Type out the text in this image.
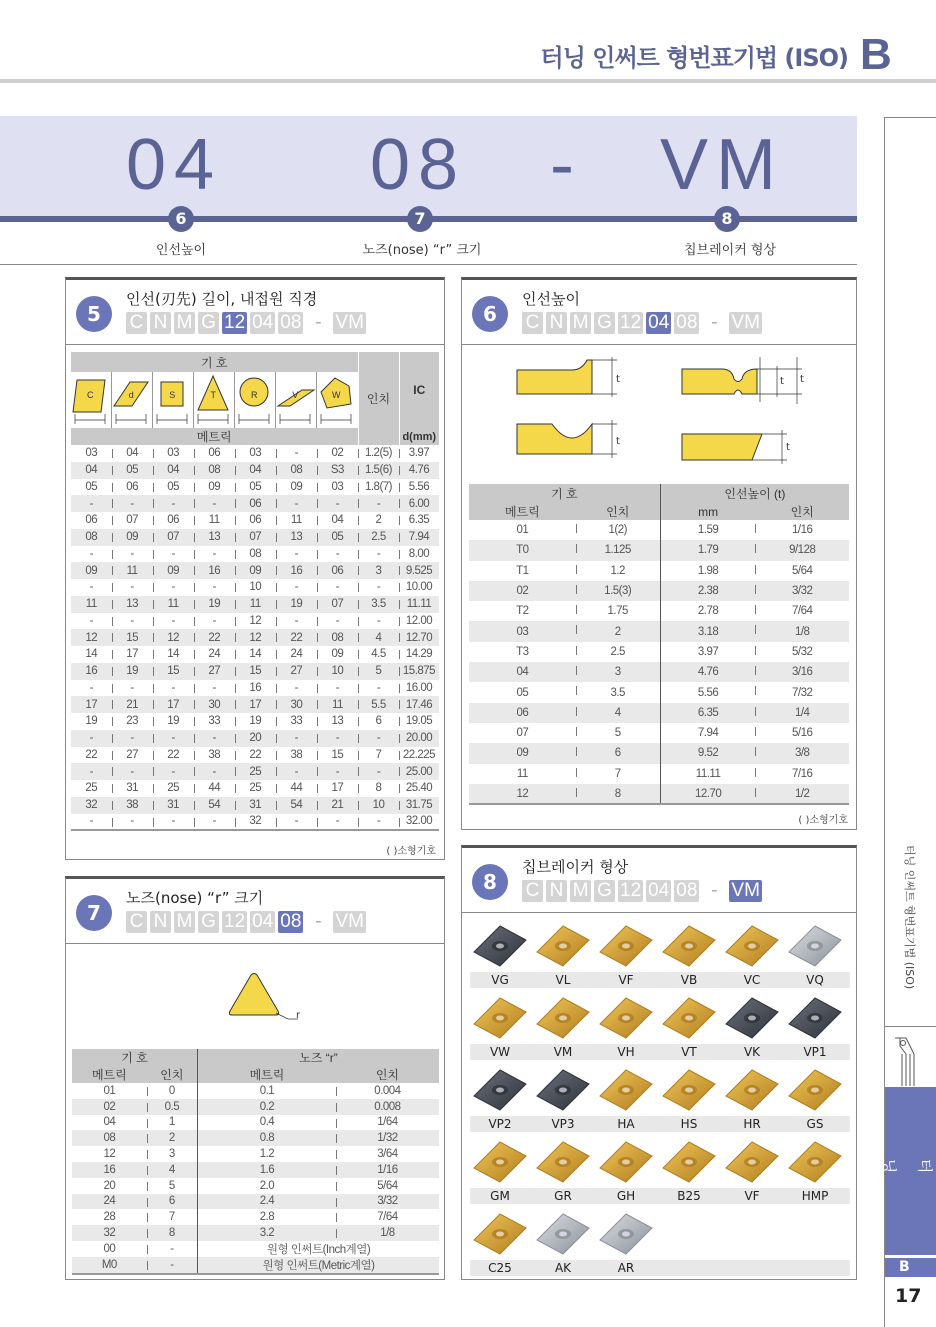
터닝 인써트 형번표기법 (ISO) B
04 08 - VM
6	7	8
인선높이	노즈(nose) “r” 크기	칩브레이커 형상
5
인선(刃先) 길이, 내접원 직경
C N M G 12 04 08 - VM
기 호							인치	IC

C	d	S	T	R	V	W		

메트릭								d(mm)
03	04	03	06	03	-	02	1.2(5)	3.97
04	05	04	08	04	08	S3	1.5(6)	4.76
05	06	05	09	05	09	03	1.8(7)	5.56
-	-	-	-	06	-	-	-	6.00
06	07	06	11	06	11	04	2	6.35
08	09	07	13	07	13	05	2.5	7.94
-	-	-	-	08	-	-	-	8.00
09	11	09	16	09	16	06	3	9.525
-	-	-	-	10	-	-	-	10.00
11	13	11	19	11	19	07	3.5	11.11
-	-	-	-	12	-	-	-	12.00
12	15	12	22	12	22	08	4	12.70
14	17	14	24	14	24	09	4.5	14.29
16	19	15	27	15	27	10	5	15.875
-	-	-	-	16	-	-	-	16.00
17	21	17	30	17	30	11	5.5	17.46
19	23	19	33	19	33	13	6	19.05
-	-	-	-	20	-	-	-	20.00
22	27	22	38	22	38	15	7	22.225
-	-	-	-	25	-	-	-	25.00
25	31	25	44	25	44	17	8	25.40
32	38	31	54	31	54	21	10	31.75
-	-	-	-	32	-	-	-	32.00
( )소형기호
7
노즈(nose) “r” 크기
C N M G 12 04 08 - VM
r
기 호		노즈 “r”	
메트릭	인치	메트릭	인치
01	0	0.1	0.004
02	0.5	0.2	0.008
04	1	0.4	1/64
08	2	0.8	1/32
12	3	1.2	3/64
16	4	1.6	1/16
20	5	2.0	5/64
24	6	2.4	3/32
28	7	2.8	7/64
32	8	3.2	1/8
00	-	원형 인써트(Inch계열)	
M0	-	원형 인써트(Metric계열)	
6
인선높이
C N M G 12 04 08 - VM
t
t
t t
t
기 호		인선높이 (t)	
메트릭	인치	mm	인치
01	1(2)	1.59	1/16
T0	1.125	1.79	9/128
T1	1.2	1.98	5/64
02	1.5(3)	2.38	3/32
T2	1.75	2.78	7/64
03	2	3.18	1/8
T3	2.5	3.97	5/32
04	3	4.76	3/16
05	3.5	5.56	7/32
06	4	6.35	1/4
07	5	7.94	5/16
09	6	9.52	3/8
11	7	11.11	7/16
12	8	12.70	1/2
( )소형기호
8
칩브레이커 형상
C N M G 12 04 08 - VM
VG	VL	VF	VB	VC	VQ
VW	VM	VH	VT	VK	VP1
VP2	VP3	HA	HS	HR	GS
GM	GR	GH	B25	VF	HMP
C25	AK	AR
터닝 인써트 형번표기법 (ISO)
터닝
B
17
